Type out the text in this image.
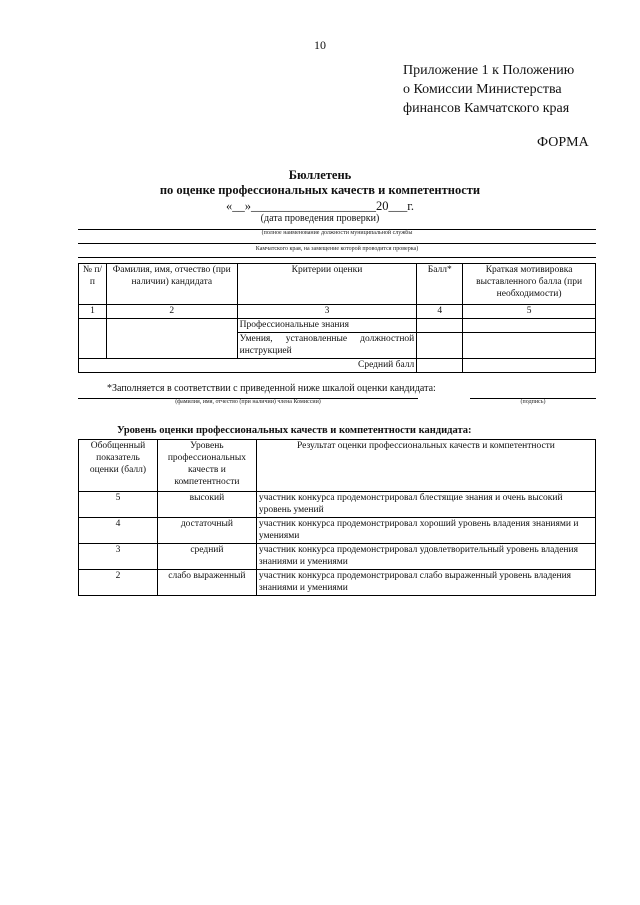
10
Приложение 1 к Положению
о Комиссии Министерства
финансов Камчатского края
ФОРМА
Бюллетень
по оценке профессиональных качеств и компетентности
«__»____________________20___г.
(дата проведения проверки)
(полное наименование должности муниципальной службы
Камчатского края, на замещение которой проводится проверка)
№ п/п	Фамилия, имя, отчество (при наличии) кандидата	Критерии оценки	Балл*	Краткая мотивировка выставленного балла (при необходимости)
1	2	3	4	5
		Профессиональные знания		
		Умения, установленные должностной инструкцией		
Средний балл				
*Заполняется в соответствии с приведенной ниже шкалой оценки кандидата:
(фамилия, имя, отчество (при наличии) члена Комиссии)	(подпись)
Уровень оценки профессиональных качеств и компетентности кандидата:
Обобщенный показатель оценки (балл)	Уровень профессиональных качеств и компетентности	Результат оценки профессиональных качеств и компетентности
5	высокий	участник конкурса продемонстрировал блестящие знания и очень высокий уровень умений
4	достаточный	участник конкурса продемонстрировал хороший уровень владения знаниями и умениями
3	средний	участник конкурса продемонстрировал удовлетворительный уровень владения знаниями и умениями
2	слабо выраженный	участник конкурса продемонстрировал слабо выраженный уровень владения знаниями и умениями
